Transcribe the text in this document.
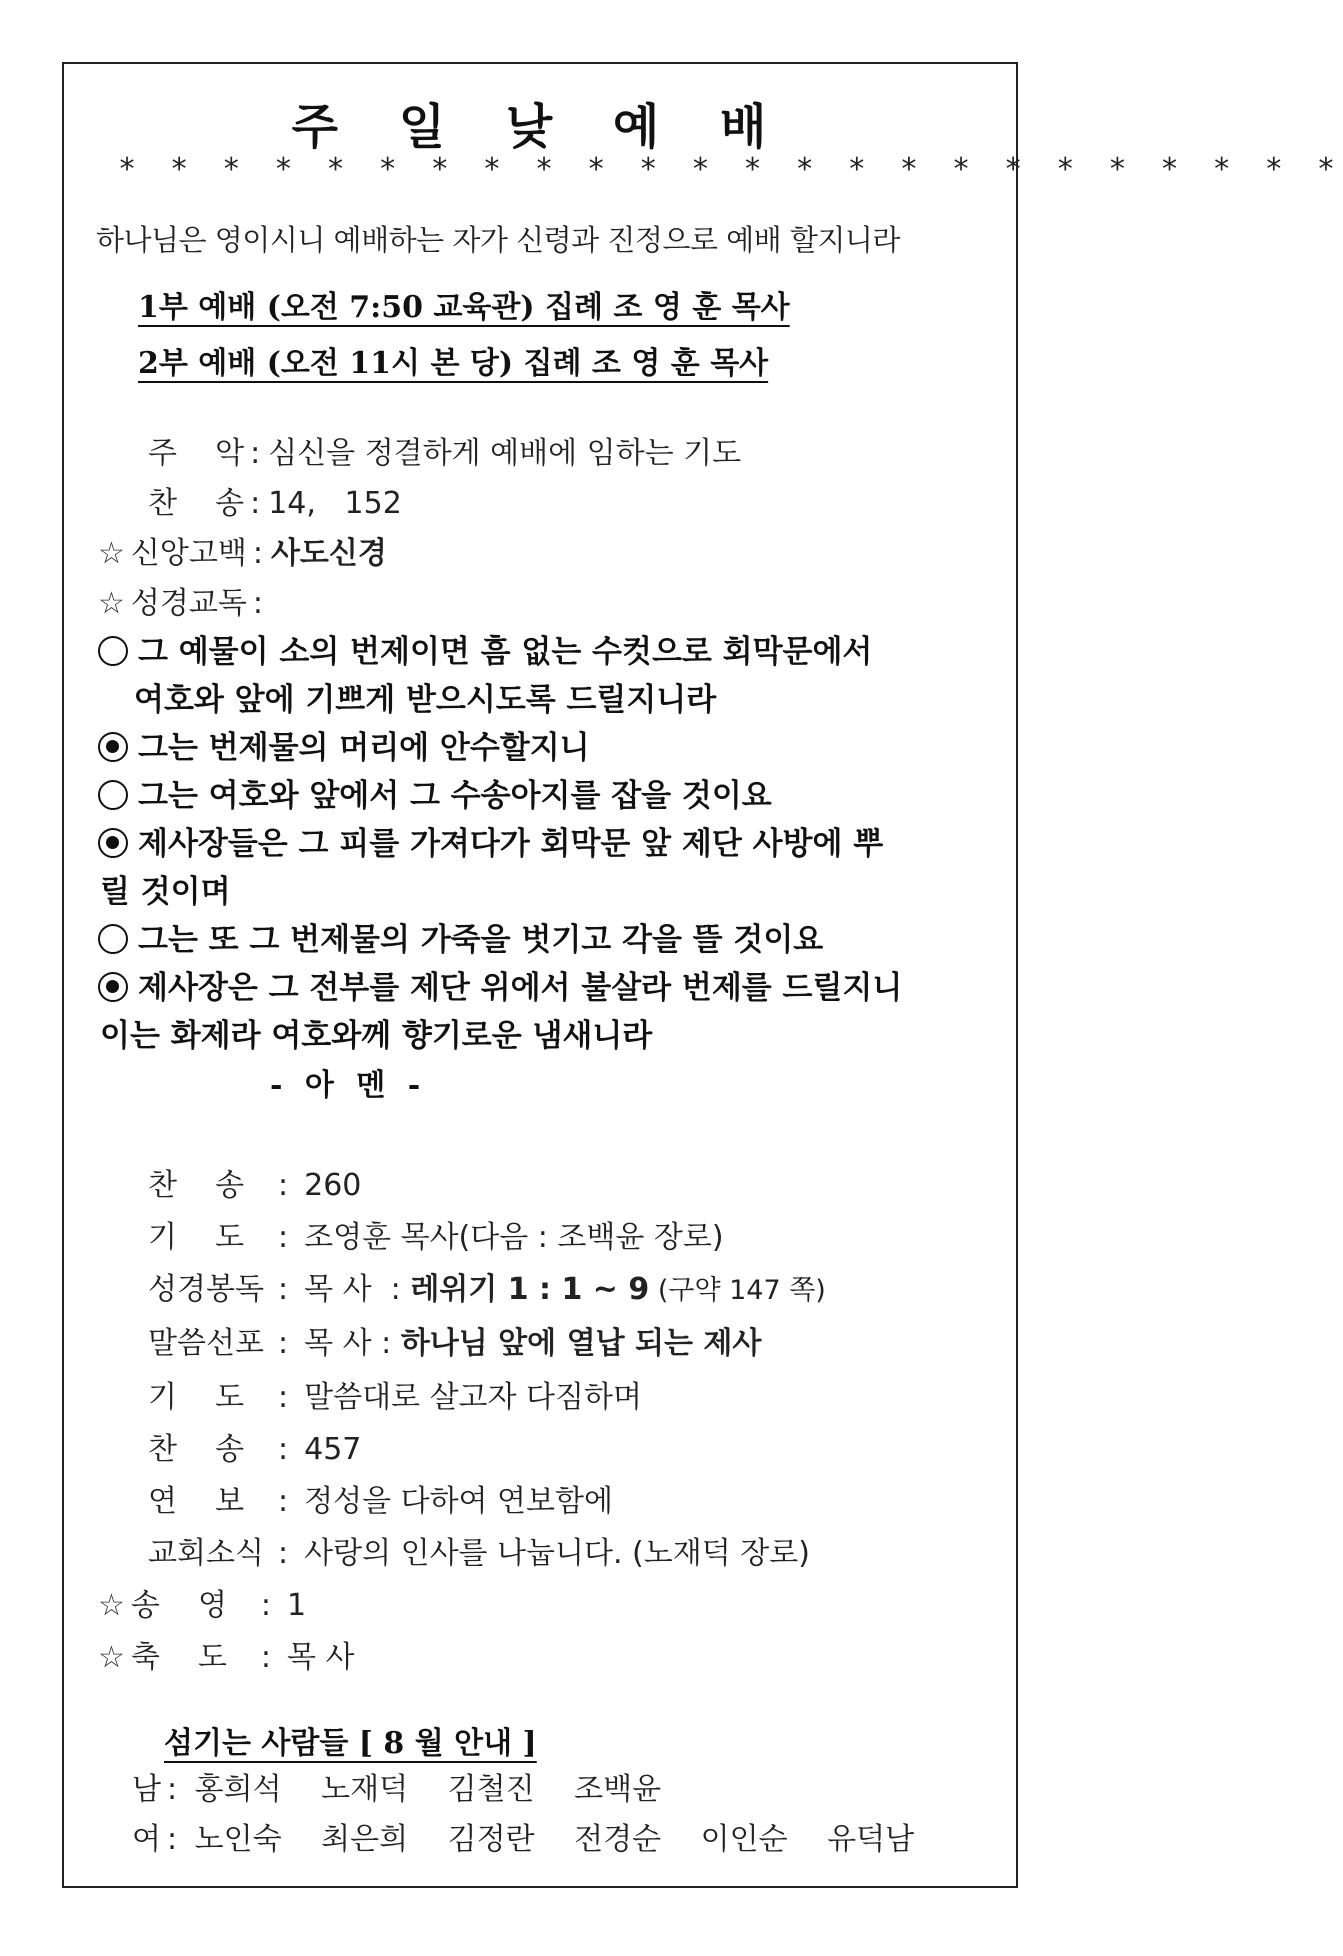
주 일 낮 예 배
* * * * * * * * * * * * * * * * * * * * * * * *
하나님은 영이시니 예배하는 자가 신령과 진정으로 예배 할지니라
1부 예배 (오전 7:50 교육관) 집례 조 영 훈 목사
2부 예배 (오전 11시 본 당) 집례 조 영 훈 목사
주    악 : 심신을 정결하게 예배에 임하는 기도
찬    송 : 14,   152
☆ 신앙고백 : 사도신경
☆ 성경교독 :
그 예물이 소의 번제이면 흠 없는 수컷으로 회막문에서
여호와 앞에 기쁘게 받으시도록 드릴지니라
그는 번제물의 머리에 안수할지니
그는 여호와 앞에서 그 수송아지를 잡을 것이요
제사장들은 그 피를 가져다가 회막문 앞 제단 사방에 뿌
릴 것이며
그는 또 그 번제물의 가죽을 벗기고 각을 뜰 것이요
제사장은 그 전부를 제단 위에서 불살라 번제를 드릴지니
이는 화제라 여호와께 향기로운 냄새니라
- 아 멘 -
찬    송 : 260
기    도 : 조영훈 목사(다음 : 조백윤 장로)
성경봉독 : 목 사  : 레위기 1 : 1 ~ 9 (구약 147 쪽)
말씀선포 : 목 사 : 하나님 앞에 열납 되는 제사
기    도 : 말씀대로 살고자 다짐하며
찬    송 : 457
연    보 : 정성을 다하여 연보함에
교회소식 : 사랑의 인사를 나눕니다. (노재덕 장로)
☆ 송    영 : 1
☆ 축    도 : 목 사
섬기는 사람들 [ 8 월 안내 ]
남 : 홍희석 노재덕 김철진 조백윤
여 : 노인숙 최은희 김정란 전경순 이인순 유덕남
